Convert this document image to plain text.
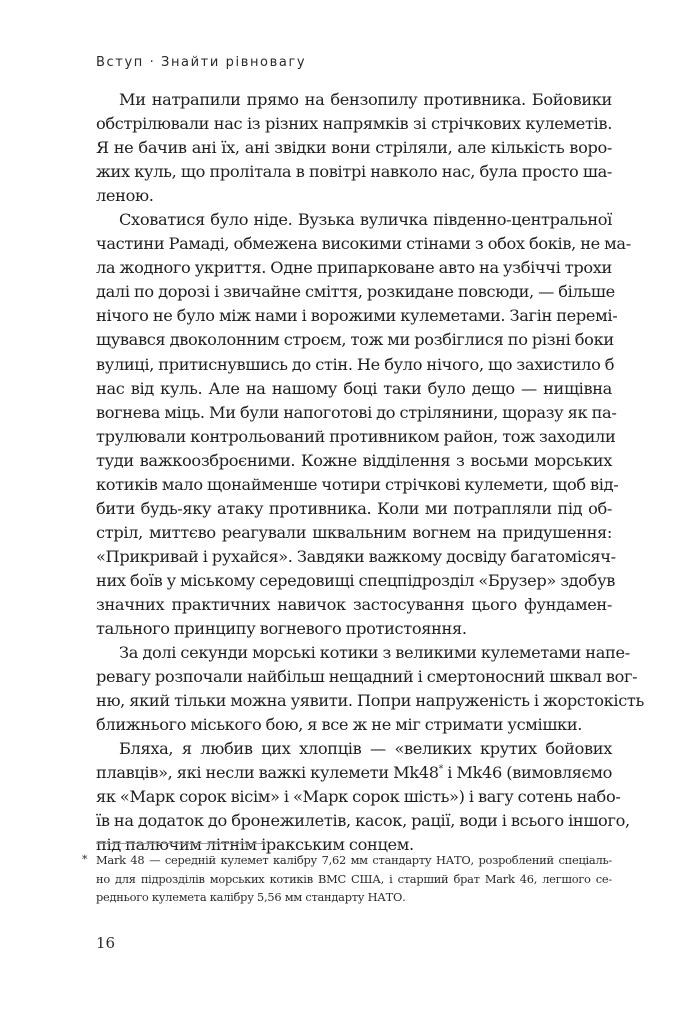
Вступ · Знайти рівновагу
Ми натрапили прямо на бензопилу противника. Бойовики
обстрілювали нас із різних напрямків зі стрічкових кулеметів.
Я не бачив ані їх, ані звідки вони стріляли, але кількість воро-
жих куль, що пролітала в повітрі навколо нас, була просто ша-
леною.
Сховатися було ніде. Вузька вуличка південно-центральної
частини Рамаді, обмежена високими стінами з обох боків, не ма-
ла жодного укриття. Одне припарковане авто на узбіччі трохи
далі по дорозі і звичайне сміття, розкидане повсюди, — більше
нічого не було між нами і ворожими кулеметами. Загін перемі-
щувався двоколонним строєм, тож ми розбіглися по різні боки
вулиці, притиснувшись до стін. Не було нічого, що захистило б
нас від куль. Але на нашому боці таки було дещо — нищівна
вогнева міць. Ми були напоготові до стрілянини, щоразу як па-
трулювали контрольований противником район, тож заходили
туди важкоозброєними. Кожне відділення з восьми морських
котиків мало щонайменше чотири стрічкові кулемети, щоб від-
бити будь-яку атаку противника. Коли ми потрапляли під об-
стріл, миттєво реагували шквальним вогнем на придушення:
«Прикривай і рухайся». Завдяки важкому досвіду багатомісяч-
них боїв у міському середовищі спецпідрозділ «Брузер» здобув
значних практичних навичок застосування цього фундамен-
тального принципу вогневого протистояння.
За долі секунди морські котики з великими кулеметами напе-
ревагу розпочали найбільш нещадний і смертоносний шквал вог-
ню, який тільки можна уявити. Попри напруженість і жорстокість
ближнього міського бою, я все ж не міг стримати усмішки.
Бляха, я любив цих хлопців — «великих крутих бойових
плавців», які несли важкі кулемети Mk48* і Mk46 (вимовляємо
як «Марк сорок вісім» і «Марк сорок шість») і вагу сотень набо-
їв на додаток до бронежилетів, касок, рації, води і всього іншого,
під палючим літнім іракським сонцем.
* Mark 48 — середній кулемет калібру 7,62 мм стандарту НАТО, розроблений спеціаль-
но для підрозділів морських котиків ВМС США, і старший брат Mark 46, легшого се-
реднього кулемета калібру 5,56 мм стандарту НАТО.
16
